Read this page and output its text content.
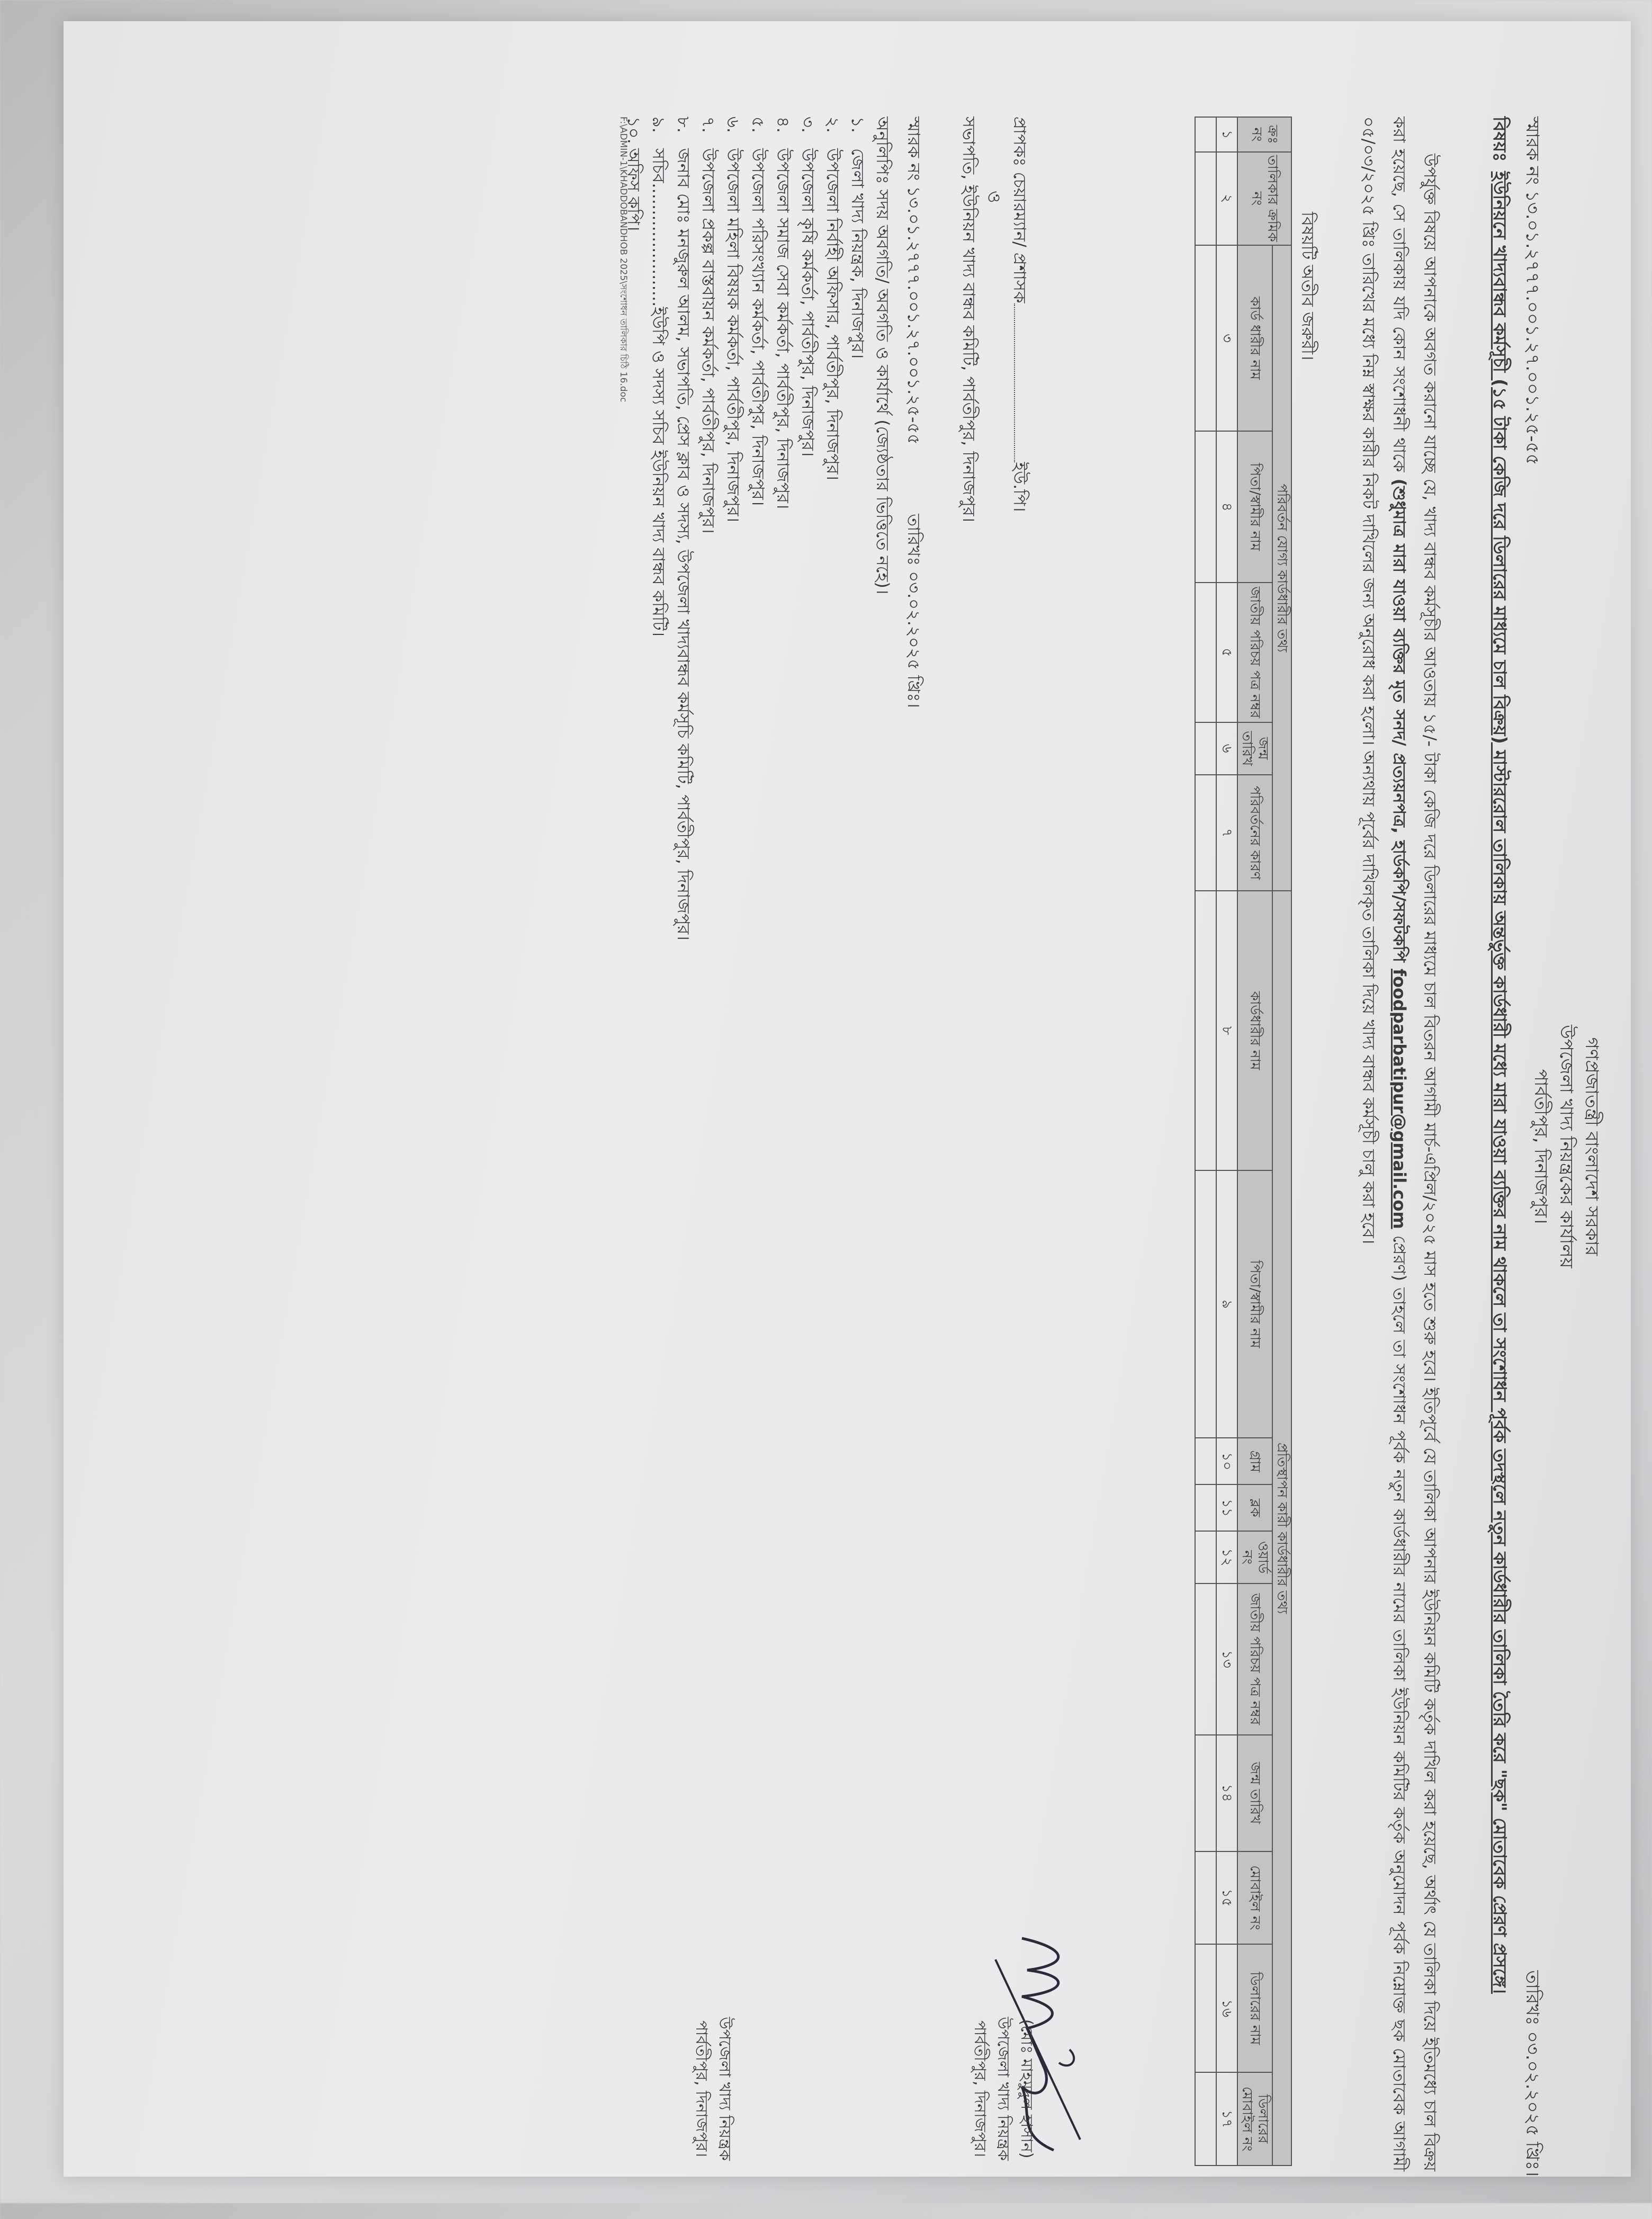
গণপ্রজাতন্ত্রী বাংলাদেশ সরকার
উপজেলা খাদ্য নিয়ন্ত্রকের কার্যালয়
পার্বতীপুর, দিনাজপুর।
স্মারক নং ১৩.০১.২৭৭৭.০০১.২৭.০০১.২৫-৫৫
তারিখঃ ০৩.০২.২০২৫ খ্রিঃ।
বিষয়ঃইউনিয়নে খাদ্যবান্ধব কর্মসূচী (১৫ টাকা কেজি দরে ডিলারের মাধ্যমে চাল বিক্রয়) মাস্টাররোল তালিকায় অন্তর্ভুক্ত কার্ডধারী মধ্যে মারা যাওয়া ব্যক্তির নাম থাকলে তা সংশোধন পূর্বক তদস্থলে নতুন কার্ডধারীর তালিকা তৈরি করে "ছক" মোতাবেক প্রেরণ প্রসঙ্গে।
উপর্যুক্ত বিষয়ে আপনাকে অবগত করানো যাচ্ছে যে, খাদ্য বান্ধব কর্মসূচীর আওতায় ১৫/- টাকা কেজি দরে ডিলারের মাধ্যমে চাল বিতরন আগামী মার্চ-এপ্রিল/২০২৫ মাস হতে শুরু হবে। ইতিপূর্বে যে তালিকা আপনার ইউনিয়ন কমিটি কর্তৃক দাখিল করা হয়েছে, অর্থাৎ যে তালিকা দিয়ে ইতিমধ্যে চাল বিক্রয় করা হয়েছে, সে তালিকায় যদি কোন সংশোধনী থাকে (শুধুমাত্র মারা যাওয়া ব্যক্তির মৃত সনদ/ প্রত্যয়নপত্র, হার্ডকপি/সফটকপি foodparbatipur@gmail.com প্রেরণ) তাহলে তা সংশোধন পূর্বক নতুন কার্ডধারীর নামের তালিকা ইউনিয়ন কমিটির কর্তৃক অনুমোদন পূর্বক নিম্নোক্ত ছক মোতাবেক আগামী ০৫/০৩/২০২৫ খ্রিঃ তারিখের মধ্যে নিম্ন স্বাক্ষর কারীর নিকট দাখিলের জন্য অনুরোধ করা হলো। অন্যথায় পূর্বের দাখিলকৃত তালিকা দিয়ে খাদ্য বান্ধব কর্মসূচী চালু করা হবে।
বিষয়টি অতীব জরুরী।
ক্রঃ নং	তালিকার ক্রমিক নং	পরিবর্তন যোগ্য কার্ডধারীর তথ্য					প্রতিস্থাপন কারী কার্ডধারীর তথ্য									
		কার্ড ধারীর নাম	পিতা/স্বামীর নাম	জাতীয় পরিচয় পত্র নম্বর	জন্ম তারিখ	পরিবর্তনের কারণ	কার্ডধারীর নাম	পিতা/স্বামীর নাম	গ্রাম	ব্লক	ওয়ার্ড নং	জাতীয় পরিচয় পত্র নম্বর	জন্ম তারিখ	মোবাইল নং	ডিলারের নাম	ডিলারের মোবাইল নং
১	২	৩	৪	৫	৬	৭	৮	৯	১০	১১	১২	১৩	১৪	১৫	১৬	১৭

প্রাপকঃ চেয়ারম্যান/ প্রশাসকইউ.পি।
ও
সভাপতি, ইউনিয়ন খাদ্য বান্ধব কমিটি, পার্বতীপুর, দিনাজপুর।
(মোঃ মাহমুদুল হাসান)
উপজেলা খাদ্য নিয়ন্ত্রক
পার্বতীপুর, দিনাজপুর।
স্মারক নং ১৩.০১.২৭৭৭.০০১.২৭.০০১.২৫-৫৫ তারিখঃ ০৩.০২.২০২৫ খ্রিঃ।
অনুলিপিঃ সদয় অবগতি/ অবগতি ও কার্যার্থে (জ্যেষ্ঠতার ভিত্তিতে নহে)।
১.জেলা খাদ্য নিয়ন্ত্রক, দিনাজপুর।
২.উপজেলা নির্বাহী অফিসার, পার্বতীপুর, দিনাজপুর।
৩.উপজেলা কৃষি কর্মকর্তা, পার্বতীপুর, দিনাজপুর।
৪.উপজেলা সমাজ সেবা কর্মকর্তা, পার্বতীপুর, দিনাজপুর।
৫.উপজেলা পরিসংখ্যান কর্মকর্তা, পার্বতীপুর, দিনাজপুর।
৬.উপজেলা মহিলা বিষয়ক কর্মকর্তা, পার্বতীপুর, দিনাজপুর।
৭.উপজেলা প্রকল্প বাস্তবায়ন কর্মকর্তা, পার্বতীপুর, দিনাজপুর।
৮.জনাব মোঃ মনজুরুল আলম, সভাপতি, প্রেস ক্লাব ও সদস্য, উপজেলা খাদ্যবান্ধব কর্মসূচি কমিটি, পার্বতীপুর, দিনাজপুর।
৯.সচিব.......................ইউপি ও সদস্য সচিব ইউনিয়ন খাদ্য বান্ধব কমিটি।
১০.অফিস কপি।
উপজেলা খাদ্য নিয়ন্ত্রক
পার্বতীপুর, দিনাজপুর।
F:\ADMIN-1\KHADDOBANDHOB 2025\সংশোধন তালিকার চিঠি 16.doc
